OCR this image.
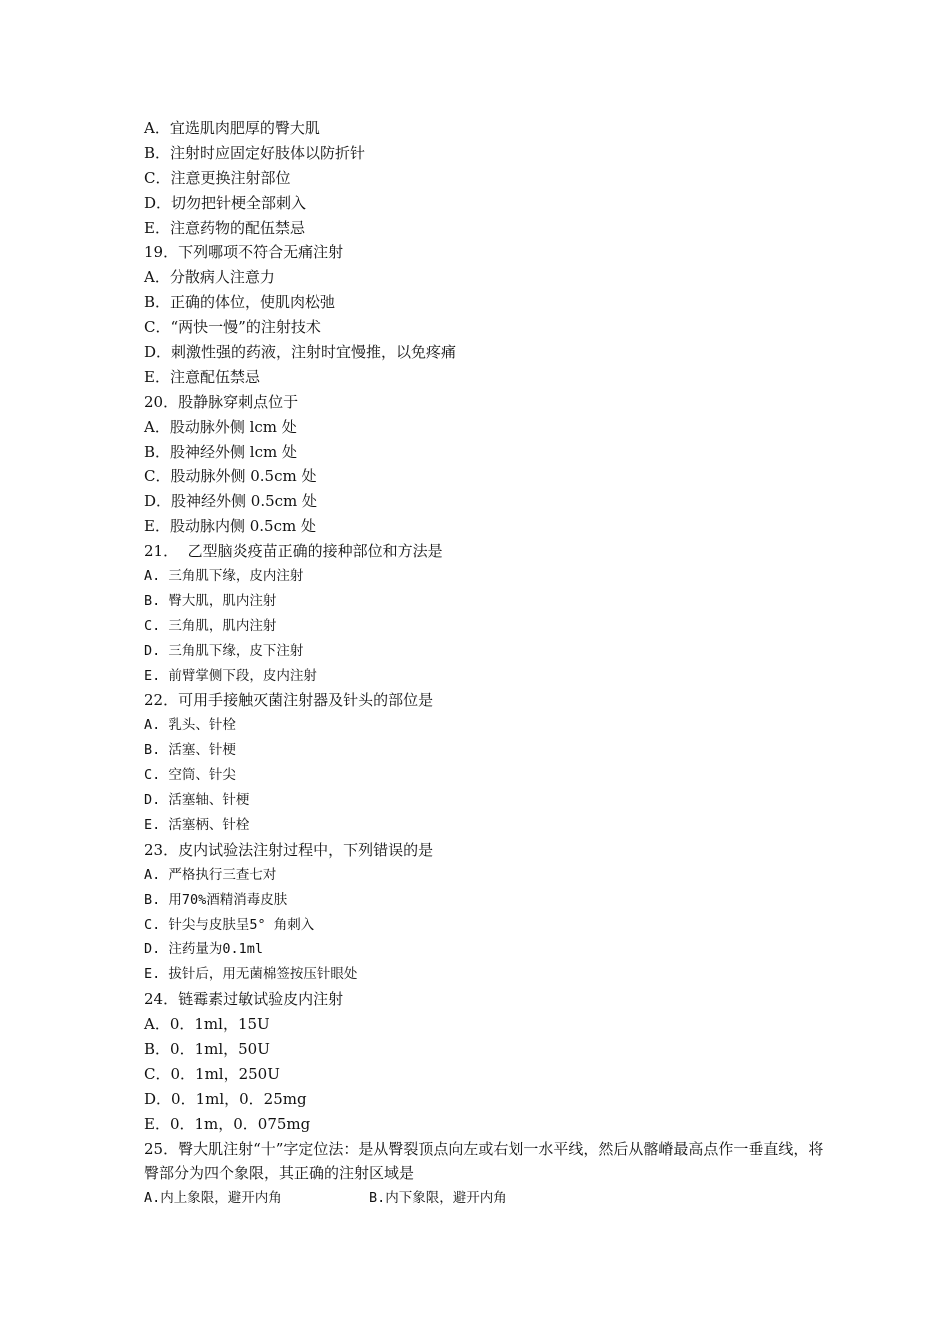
A．宜选肌肉肥厚的臀大肌
B．注射时应固定好肢体以防折针
C．注意更换注射部位
D．切勿把针梗全部刺入
E．注意药物的配伍禁忌
19．下列哪项不符合无痛注射
A．分散病人注意力
B．正确的体位，使肌肉松弛
C．“两快一慢”的注射技术
D．刺激性强的药液，注射时宜慢推，以免疼痛
E．注意配伍禁忌
20．股静脉穿刺点位于
A．股动脉外侧 lcm 处
B．股神经外侧 lcm 处
C．股动脉外侧 0.5cm 处
D．股神经外侧 0.5cm 处
E．股动脉内侧 0.5cm 处
21．  乙型脑炎疫苗正确的接种部位和方法是
A. 三角肌下缘，皮内注射
B. 臀大肌，肌内注射
C. 三角肌，肌内注射
D. 三角肌下缘，皮下注射
E. 前臂掌侧下段，皮内注射
22．可用手接触灭菌注射器及针头的部位是
A. 乳头、针栓
B. 活塞、针梗
C. 空筒、针尖
D. 活塞轴、针梗
E. 活塞柄、针栓
23．皮内试验法注射过程中，下列错误的是
A. 严格执行三查七对
B. 用70%酒精消毒皮肤
C. 针尖与皮肤呈5° 角刺入
D. 注药量为0.1ml
E. 拔针后，用无菌棉签按压针眼处
24．链霉素过敏试验皮内注射
A．0．1ml，15U
B．0．1ml，50U
C．0．1ml，250U
D．0．1ml，0．25mg
E．0．1m，0．075mg
25．臀大肌注射“十”字定位法：是从臀裂顶点向左或右划一水平线，然后从髂嵴最高点作一垂直线，将臀部分为四个象限，其正确的注射区域是
A.内上象限，避开内角	B.内下象限，避开内角
